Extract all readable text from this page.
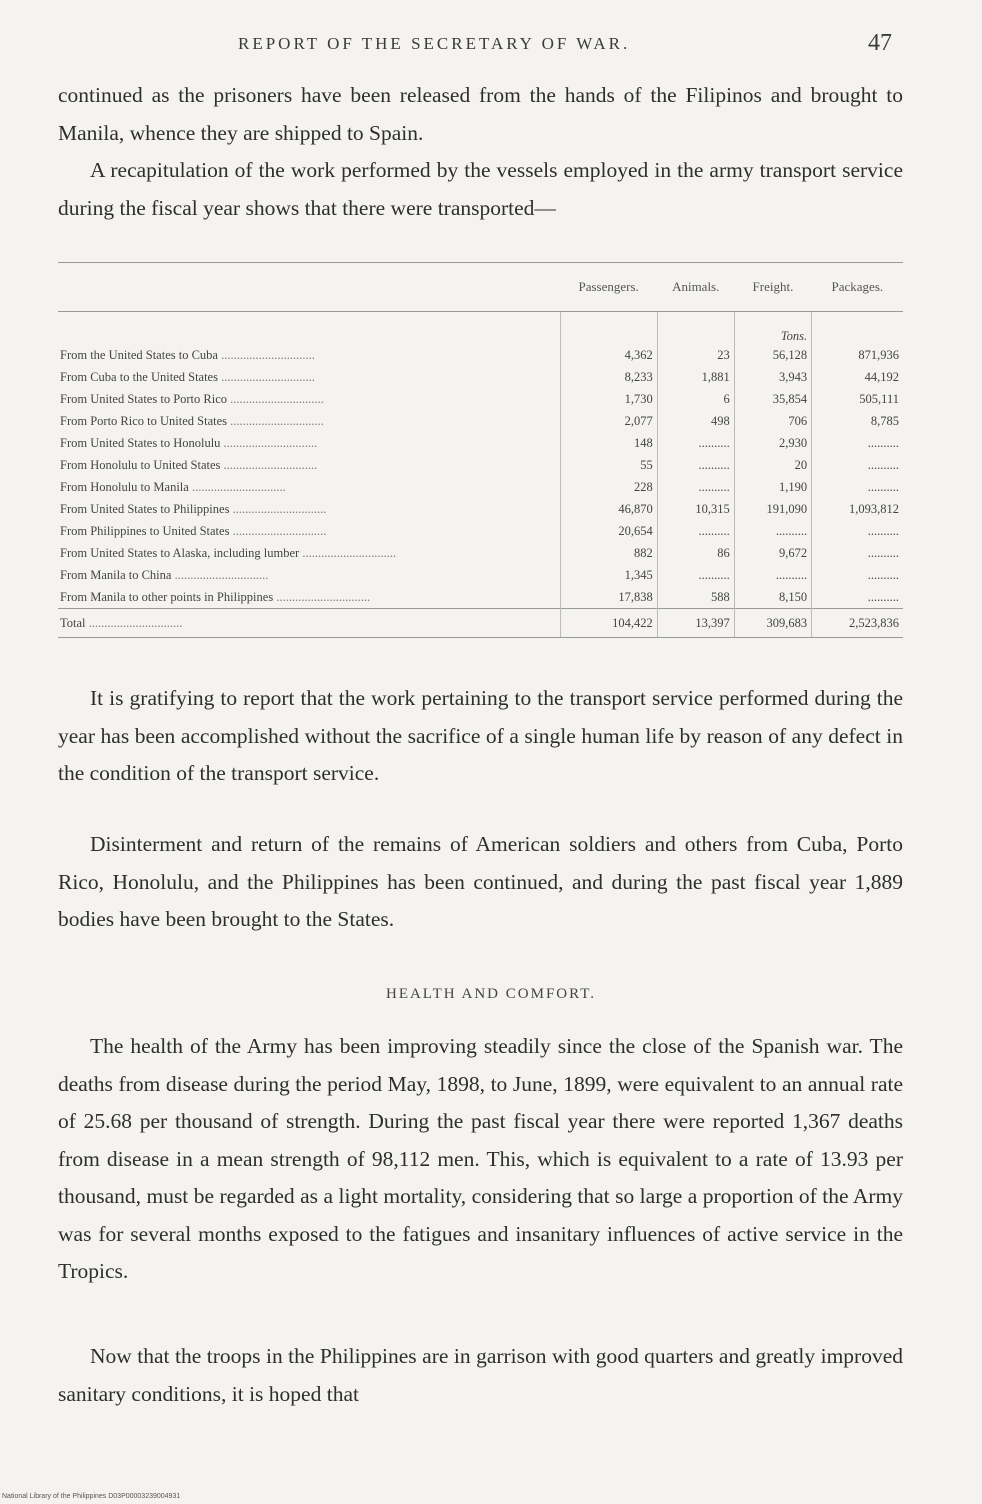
REPORT OF THE SECRETARY OF WAR.	47
continued as the prisoners have been released from the hands of the Filipinos and brought to Manila, whence they are shipped to Spain.
A recapitulation of the work performed by the vessels employed in the army transport service during the fiscal year shows that there were transported—
	Passengers.	Animals.	Freight.	Packages.
			Tons.	
From the United States to Cuba ..............................	4,362	23	56,128	871,936
From Cuba to the United States ..............................	8,233	1,881	3,943	44,192
From United States to Porto Rico ..............................	1,730	6	35,854	505,111
From Porto Rico to United States ..............................	2,077	498	706	8,785
From United States to Honolulu ..............................	148	..........	2,930	..........
From Honolulu to United States ..............................	55	..........	20	..........
From Honolulu to Manila ..............................	228	..........	1,190	..........
From United States to Philippines ..............................	46,870	10,315	191,090	1,093,812
From Philippines to United States ..............................	20,654	..........	..........	..........
From United States to Alaska, including lumber ..............................	882	86	9,672	..........
From Manila to China ..............................	1,345	..........	..........	..........
From Manila to other points in Philippines ..............................	17,838	588	8,150	..........
Total ..............................	104,422	13,397	309,683	2,523,836
It is gratifying to report that the work pertaining to the transport service performed during the year has been accomplished without the sacrifice of a single human life by reason of any defect in the condition of the transport service.
Disinterment and return of the remains of American soldiers and others from Cuba, Porto Rico, Honolulu, and the Philippines has been continued, and during the past fiscal year 1,889 bodies have been brought to the States.
HEALTH AND COMFORT.
The health of the Army has been improving steadily since the close of the Spanish war. The deaths from disease during the period May, 1898, to June, 1899, were equivalent to an annual rate of 25.68 per thousand of strength. During the past fiscal year there were reported 1,367 deaths from disease in a mean strength of 98,112 men. This, which is equivalent to a rate of 13.93 per thousand, must be regarded as a light mortality, considering that so large a proportion of the Army was for several months exposed to the fatigues and insanitary influences of active service in the Tropics.
Now that the troops in the Philippines are in garrison with good quarters and greatly improved sanitary conditions, it is hoped that
National Library of the Philippines D03P00003239004931
